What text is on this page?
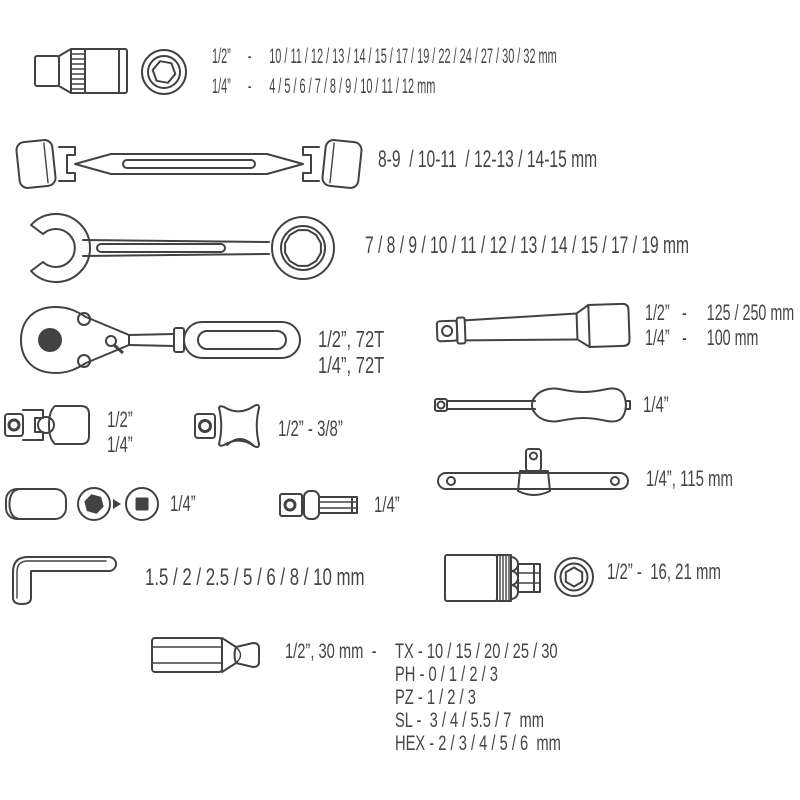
1/2” - 10 / 11 / 12 / 13 / 14 / 15 / 17 / 19 / 22 / 24 / 27 / 30 / 32 mm
1/4” - 4 / 5 / 6 / 7 / 8 / 9 / 10 / 11 / 12 mm
8-9  / 10-11  / 12-13 / 14-15 mm
7 / 8 / 9 / 10 / 11 / 12 / 13 / 14 / 15 / 17 / 19 mm
1/2”, 72T
1/4”, 72T
1/2” - 125 / 250 mm
1/4” - 100 mm
1/4”
1/2”
1/4”
1/2” - 3/8”
1/4”, 115 mm
1/4”	1/4”
1.5 / 2 / 2.5 / 5 / 6 / 8 / 10 mm	1/2” -  16, 21 mm
1/2”, 30 mm  - TX - 10 / 15 / 20 / 25 / 30
PH - 0 / 1 / 2 / 3
PZ - 1 / 2 / 3
SL -  3 / 4 / 5.5 / 7  mm
HEX - 2 / 3 / 4 / 5 / 6  mm
